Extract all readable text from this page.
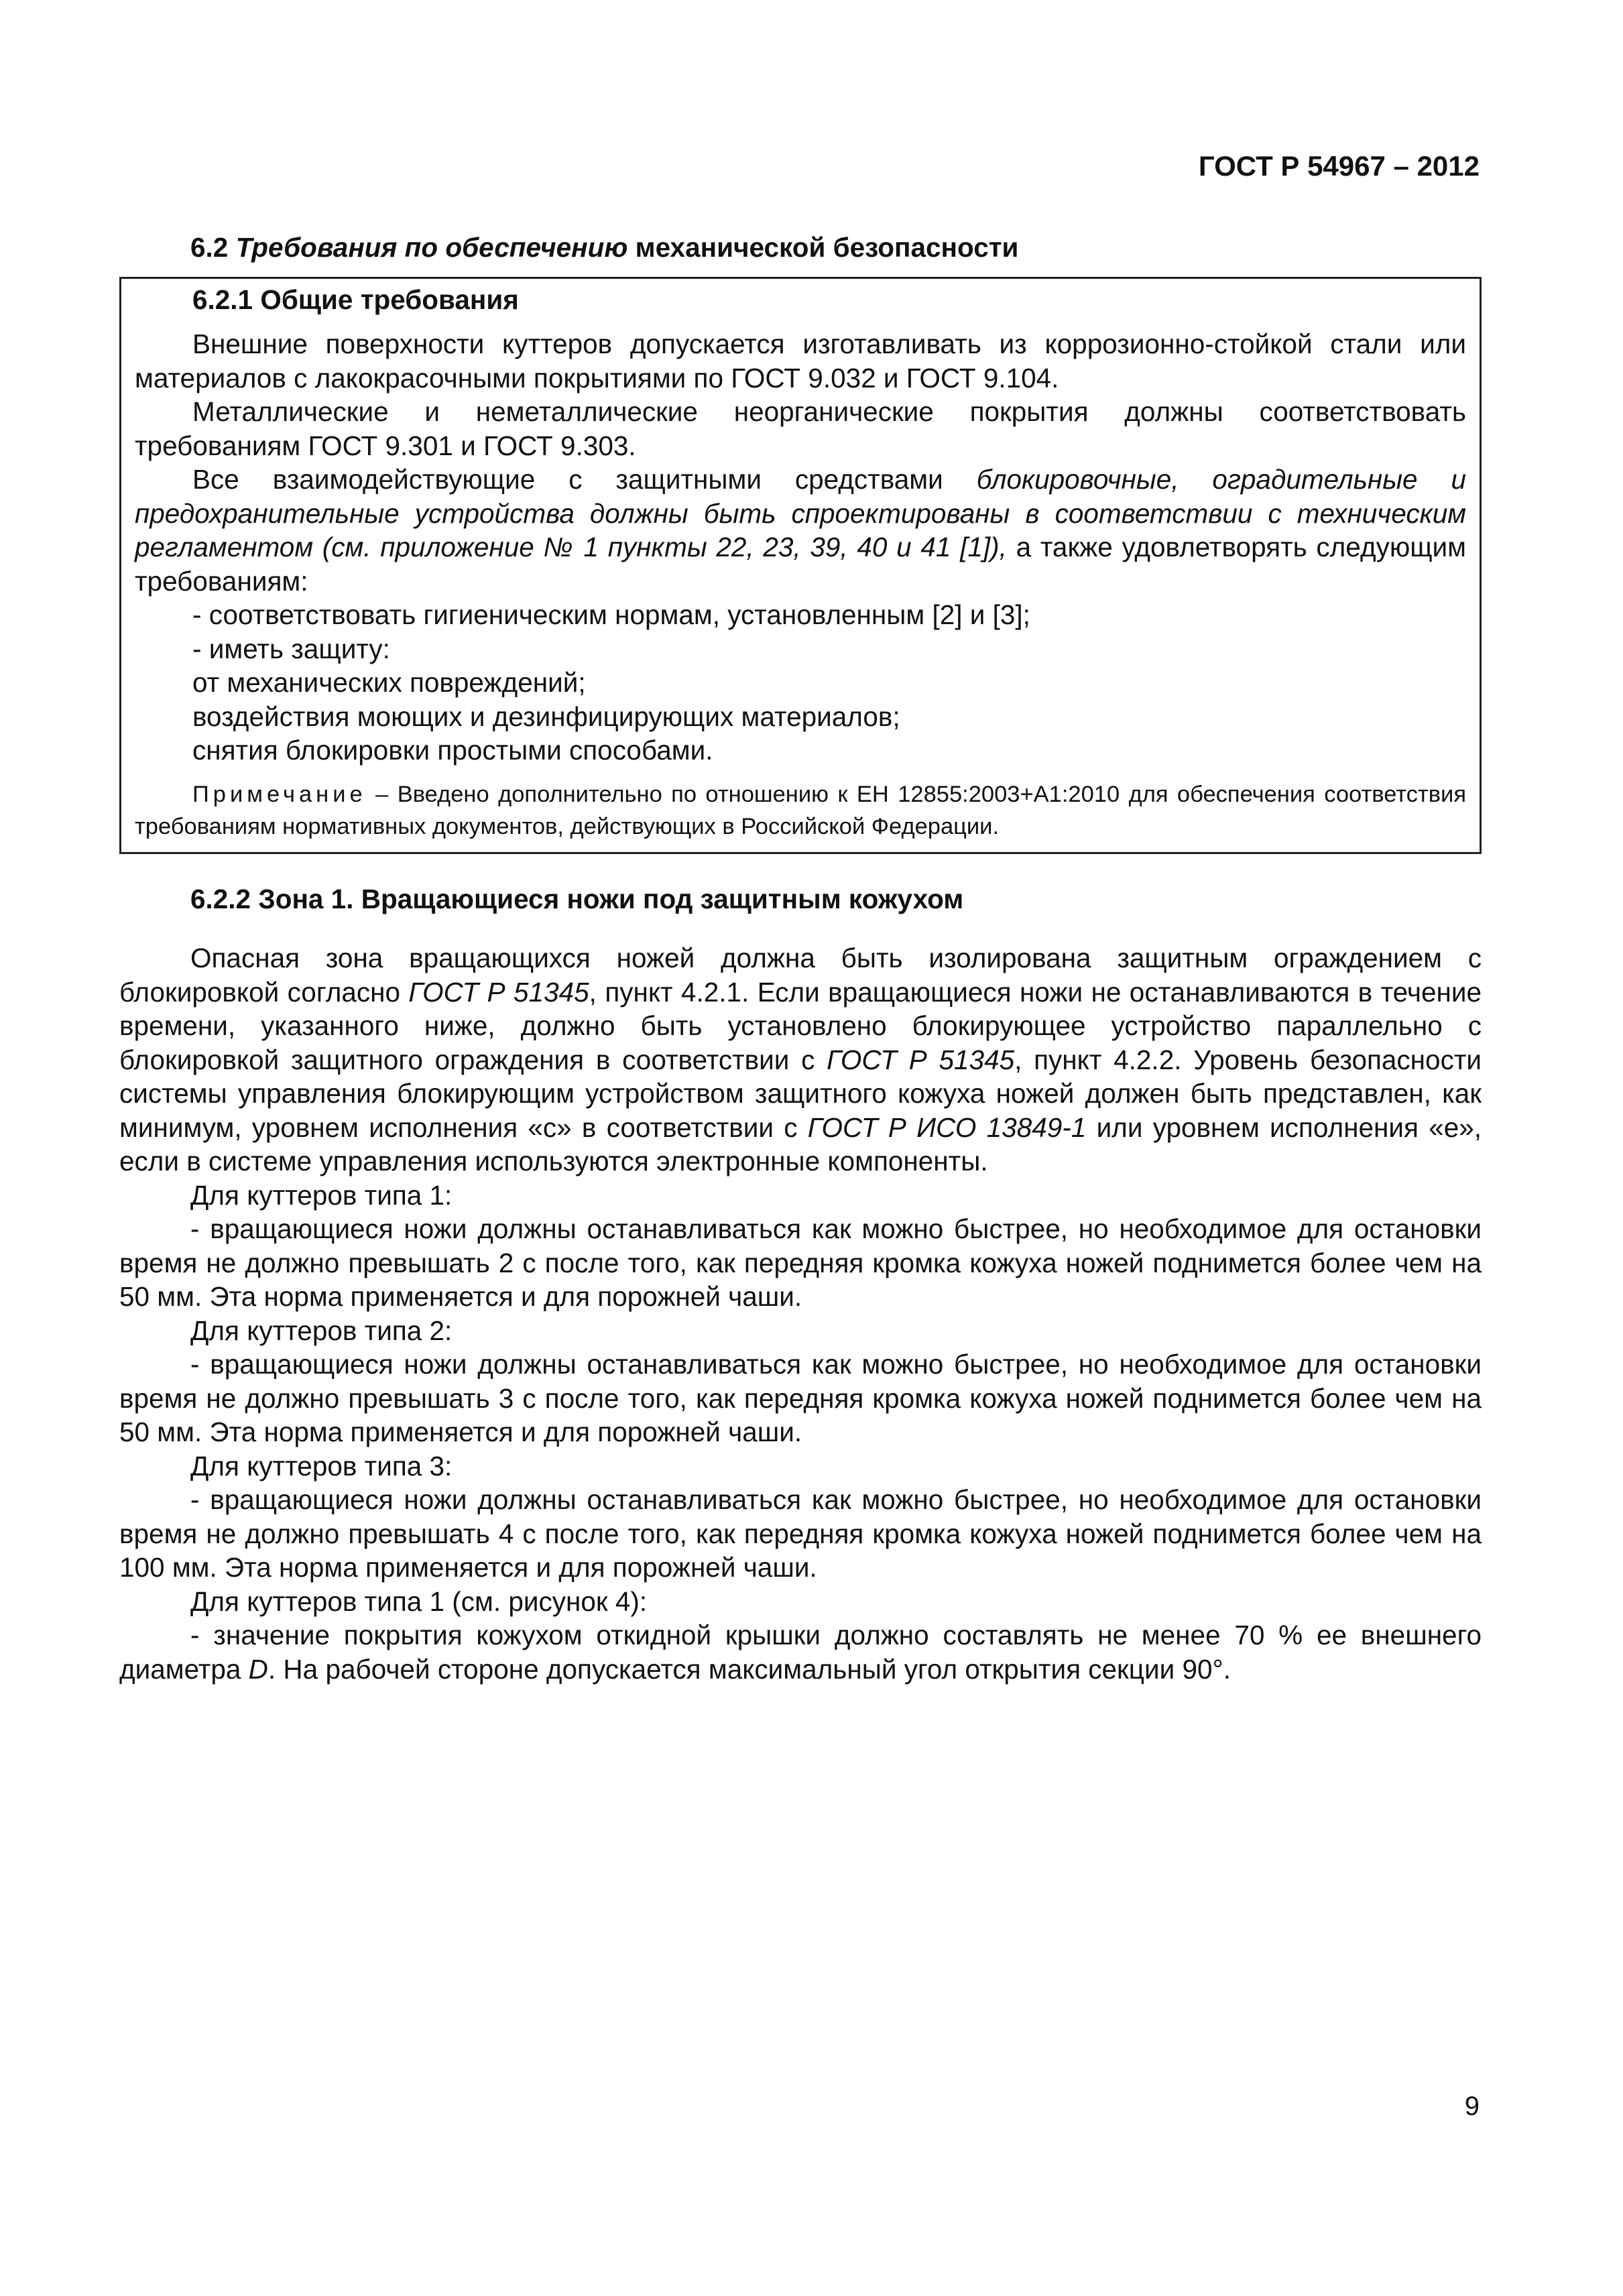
ГОСТ Р 54967 – 2012
6.2 Требования по обеспечению механической безопасности
6.2.1 Общие требования

Внешние поверхности куттеров допускается изготавливать из коррозионно-стойкой стали или материалов с лакокрасочными покрытиями по ГОСТ 9.032 и ГОСТ 9.104.

Металлические и неметаллические неорганические покрытия должны соответствовать требованиям ГОСТ 9.301 и ГОСТ 9.303.

Все взаимодействующие с защитными средствами блокировочные, оградительные и предохранительные устройства должны быть спроектированы в соответствии с техническим регламентом (см. приложение № 1 пункты 22, 23, 39, 40 и 41 [1]), а также удовлетворять следующим требованиям:

- соответствовать гигиеническим нормам, установленным [2] и [3];
- иметь защиту:
от механических повреждений;
воздействия моющих и дезинфицирующих материалов;
снятия блокировки простыми способами.
Примечание – Введено дополнительно по отношению к ЕН 12855:2003+А1:2010 для обеспечения соответствия требованиям нормативных документов, действующих в Российской Федерации.
6.2.2 Зона 1. Вращающиеся ножи под защитным кожухом

Опасная зона вращающихся ножей должна быть изолирована защитным ограждением с блокировкой согласно ГОСТ Р 51345, пункт 4.2.1. Если вращающиеся ножи не останавливаются в течение времени, указанного ниже, должно быть установлено блокирующее устройство параллельно с блокировкой защитного ограждения в соответствии с ГОСТ Р 51345, пункт 4.2.2. Уровень безопасности системы управления блокирующим устройством защитного кожуха ножей должен быть представлен, как минимум, уровнем исполнения «с» в соответствии с ГОСТ Р ИСО 13849-1 или уровнем исполнения «е», если в системе управления используются электронные компоненты.

Для куттеров типа 1:

- вращающиеся ножи должны останавливаться как можно быстрее, но необходимое для остановки время не должно превышать 2 с после того, как передняя кромка кожуха ножей поднимется более чем на 50 мм. Эта норма применяется и для порожней чаши.

Для куттеров типа 2:

- вращающиеся ножи должны останавливаться как можно быстрее, но необходимое для остановки время не должно превышать 3 с после того, как передняя кромка кожуха ножей поднимется более чем на 50 мм. Эта норма применяется и для порожней чаши.

Для куттеров типа 3:

- вращающиеся ножи должны останавливаться как можно быстрее, но необходимое для остановки время не должно превышать 4 с после того, как передняя кромка кожуха ножей поднимется более чем на 100 мм. Эта норма применяется и для порожней чаши.

Для куттеров типа 1 (см. рисунок 4):

- значение покрытия кожухом откидной крышки должно составлять не менее 70 % ее внешнего диаметра D. На рабочей стороне допускается максимальный угол открытия секции 90°.

9
